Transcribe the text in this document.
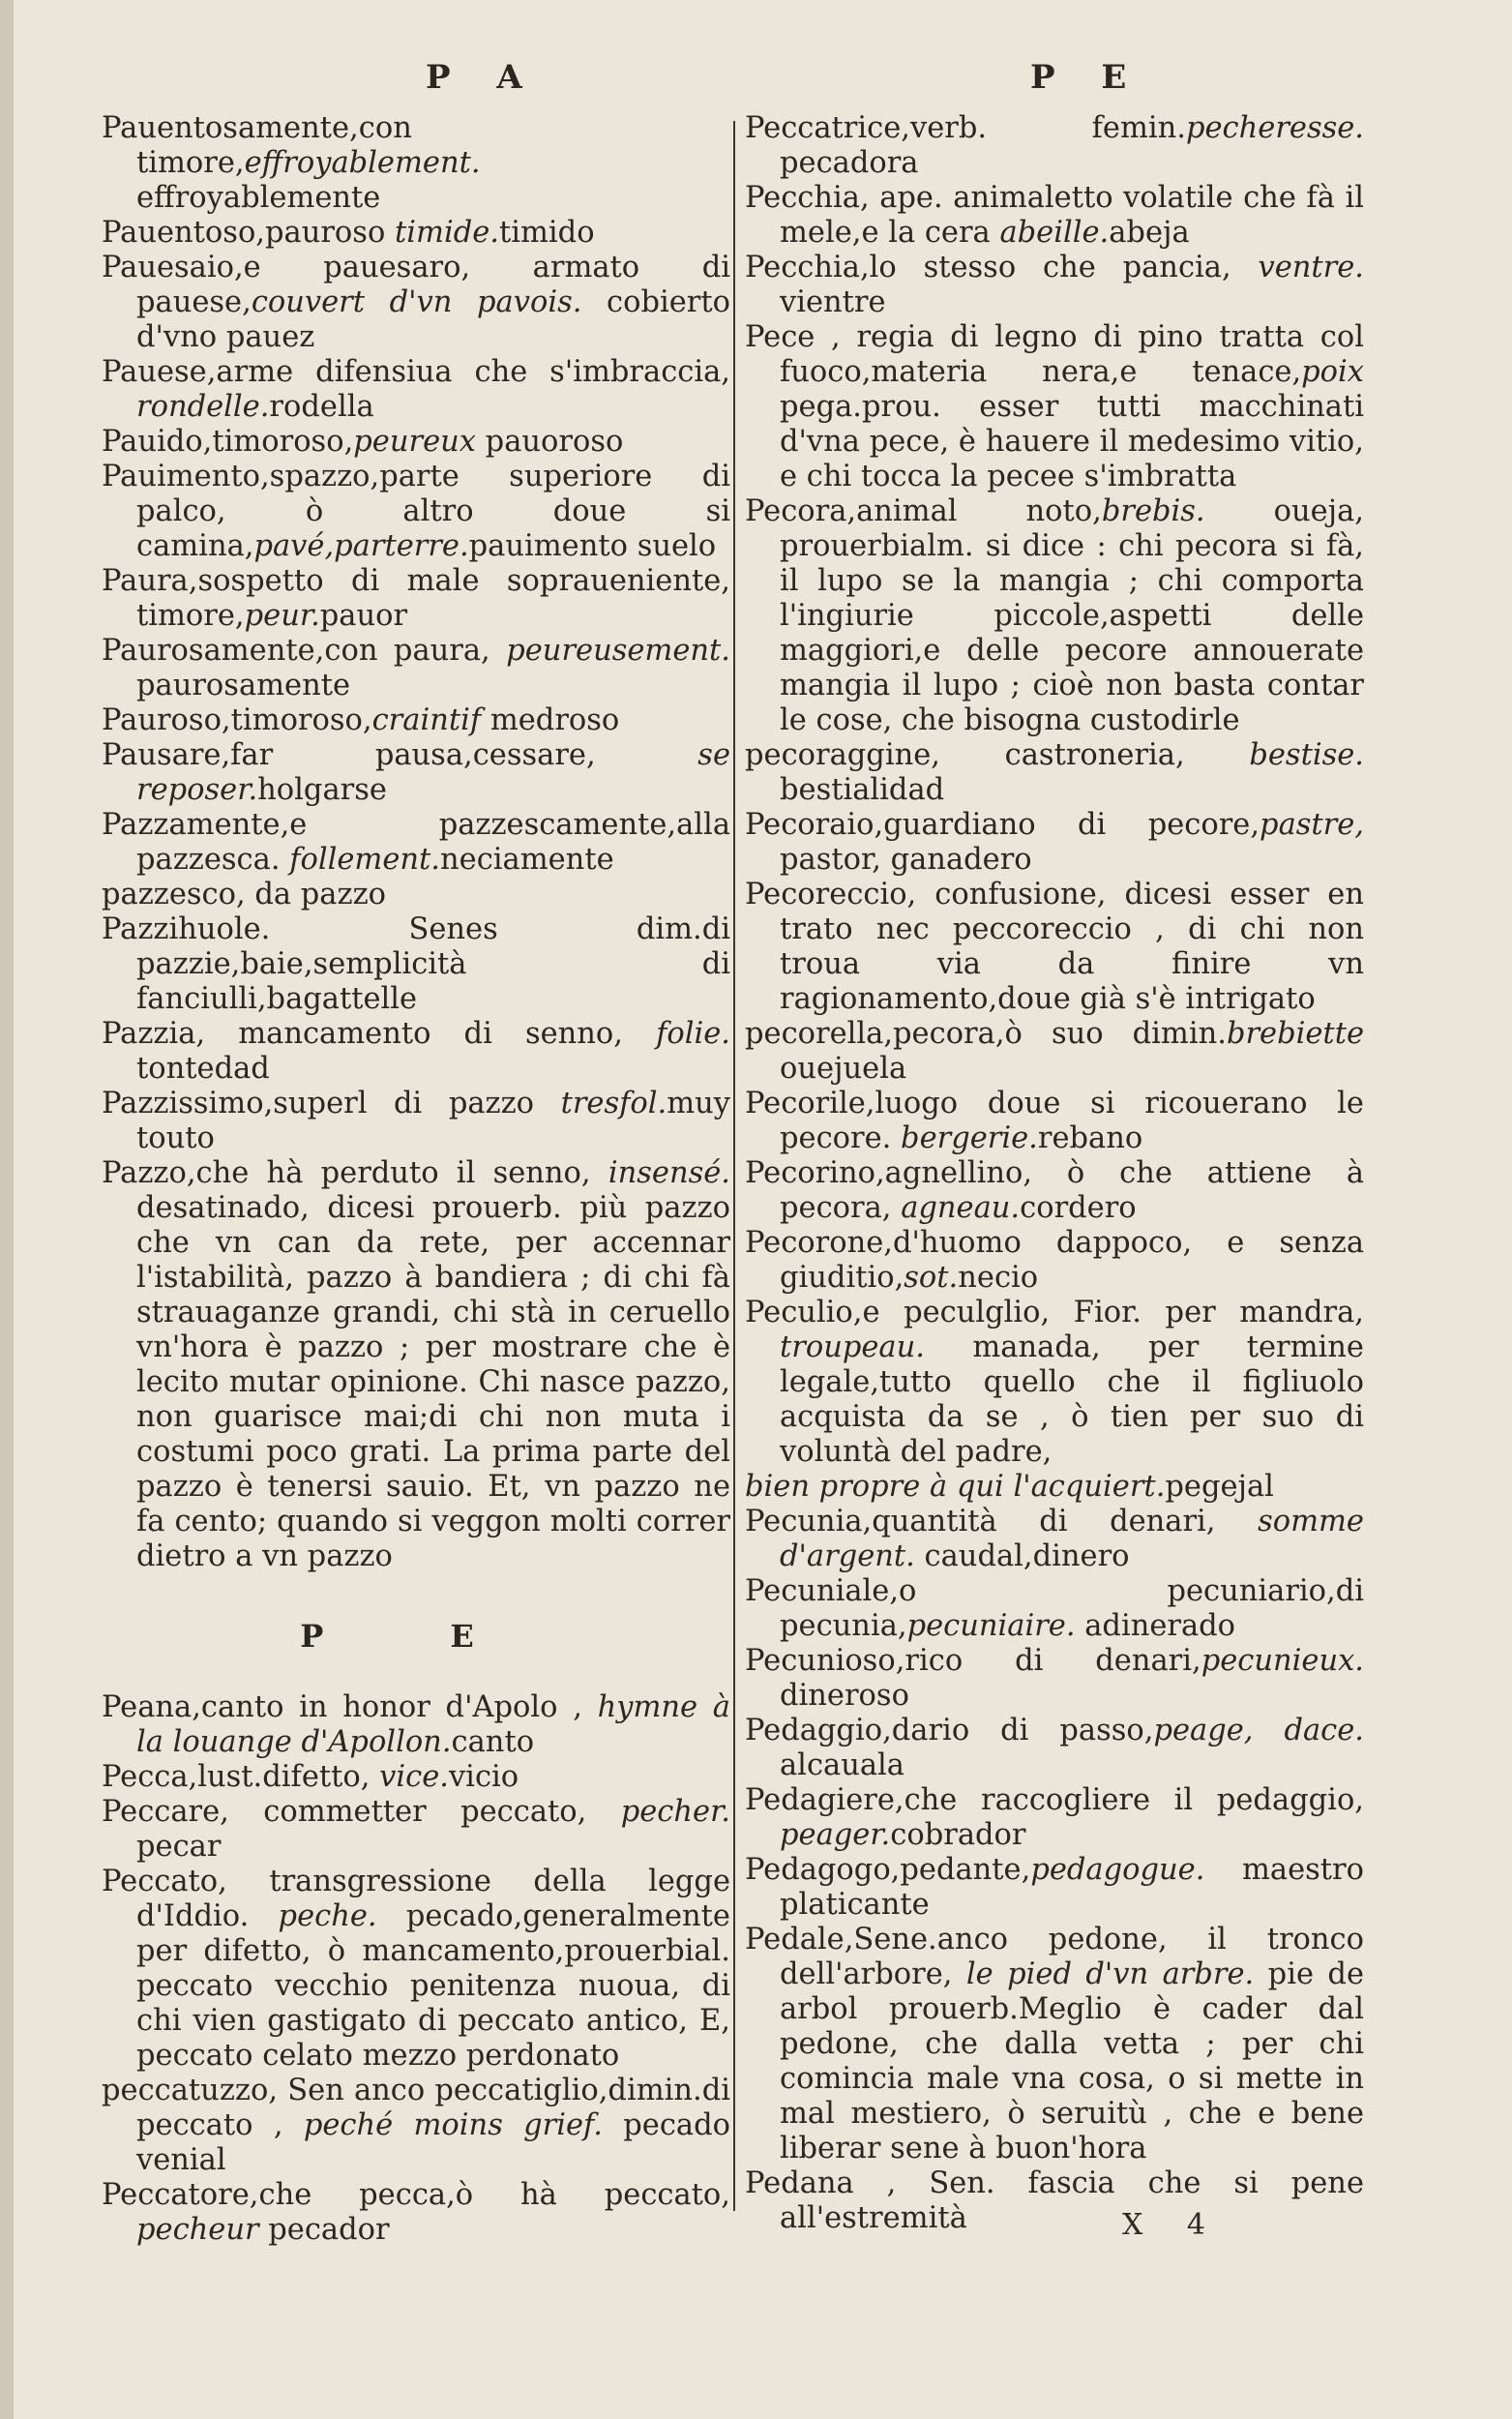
P A	P E
Pauentosamente,con timore,effroyablement. effroyablemente
Pauentoso,pauroso timide.timido
Pauesaio,e pauesaro, armato di pauese,couvert d'vn pavois. cobierto d'vno pauez
Pauese,arme difensiua che s'imbraccia, rondelle.rodella
Pauido,timoroso,peureux pauoroso
Pauimento,spazzo,parte superiore di palco, ò altro doue si camina,pavé,parterre.pauimento suelo
Paura,sospetto di male sopraueniente, timore,peur.pauor
Paurosamente,con paura, peureusement. paurosamente
Pauroso,timoroso,craintif medroso
Pausare,far pausa,cessare, se reposer.holgarse
Pazzamente,e pazzescamente,alla pazzesca. follement.neciamente
pazzesco, da pazzo
Pazzihuole. Senes dim.di pazzie,baie,semplicità di fanciulli,bagattelle
Pazzia, mancamento di senno, folie. tontedad
Pazzissimo,superl di pazzo tresfol.muy touto
Pazzo,che hà perduto il senno, insensé. desatinado, dicesi prouerb. più pazzo che vn can da rete, per accennar l'istabilità, pazzo à bandiera ; di chi fà strauaganze grandi, chi stà in ceruello vn'hora è pazzo ; per mostrare che è lecito mutar opinione. Chi nasce pazzo, non guarisce mai;di chi non muta i costumi poco grati. La prima parte del pazzo è tenersi sauio. Et, vn pazzo ne fa cento; quando si veggon molti correr dietro a vn pazzo
P E
Peana,canto in honor d'Apolo , hymne à la louange d'Apollon.canto
Pecca,lust.difetto, vice.vicio
Peccare, commetter peccato, pecher. pecar
Peccato, transgressione della legge d'Iddio. peche. pecado,generalmente per difetto, ò mancamento,prouerbial. peccato vecchio penitenza nuoua, di chi vien gastigato di peccato antico, E, peccato celato mezzo perdonato
peccatuzzo, Sen anco peccatiglio,dimin.di peccato , peché moins grief. pecado venial
Peccatore,che pecca,ò hà peccato, pecheur pecador
Peccatrice,verb. femin.pecheresse. pecadora
Pecchia, ape. animaletto volatile che fà il mele,e la cera abeille.abeja
Pecchia,lo stesso che pancia, ventre. vientre
Pece , regia di legno di pino tratta col fuoco,materia nera,e tenace,poix pega.prou. esser tutti macchinati d'vna pece, è hauere il medesimo vitio, e chi tocca la pecee s'imbratta
Pecora,animal noto,brebis. oueja, prouerbialm. si dice : chi pecora si fà, il lupo se la mangia ; chi comporta l'ingiurie piccole,aspetti delle maggiori,e delle pecore annouerate mangia il lupo ; cioè non basta contar le cose, che bisogna custodirle
pecoraggine, castroneria, bestise. bestialidad
Pecoraio,guardiano di pecore,pastre, pastor, ganadero
Pecoreccio, confusione, dicesi esser en trato nec peccoreccio , di chi non troua via da finire vn ragionamento,doue già s'è intrigato
pecorella,pecora,ò suo dimin.brebiette ouejuela
Pecorile,luogo doue si ricouerano le pecore. bergerie.rebano
Pecorino,agnellino, ò che attiene à pecora, agneau.cordero
Pecorone,d'huomo dappoco, e senza giuditio,sot.necio
Peculio,e peculglio, Fior. per mandra, troupeau. manada, per termine legale,tutto quello che il figliuolo acquista da se , ò tien per suo di voluntà del padre,
bien propre à qui l'acquiert.pegejal
Pecunia,quantità di denari, somme d'argent. caudal,dinero
Pecuniale,o pecuniario,di pecunia,pecuniaire. adinerado
Pecunioso,rico di denari,pecunieux. dineroso
Pedaggio,dario di passo,peage, dace. alcauala
Pedagiere,che raccogliere il pedaggio, peager.cobrador
Pedagogo,pedante,pedagogue. maestro platicante
Pedale,Sene.anco pedone, il tronco dell'arbore, le pied d'vn arbre. pie de arbol prouerb.Meglio è cader dal pedone, che dalla vetta ; per chi comincia male vna cosa, o si mette in mal mestiero, ò seruitù , che e bene liberar sene à buon'hora
Pedana , Sen. fascia che si pene all'estremità	X 4
